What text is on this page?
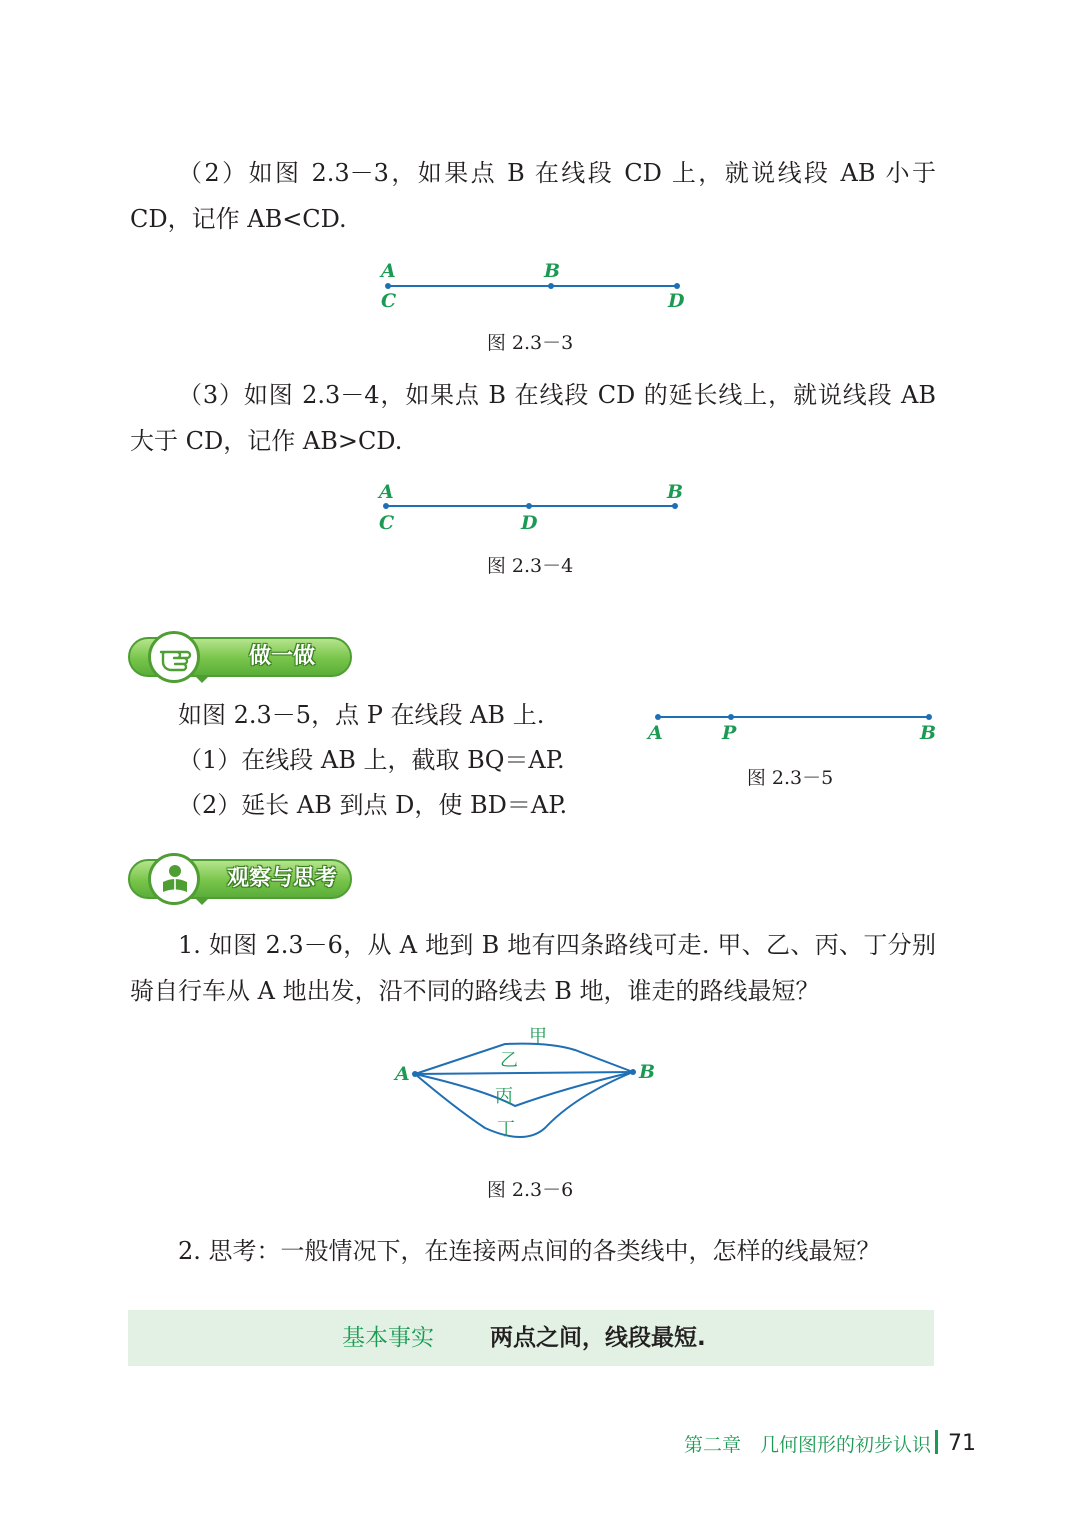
（2）如图 2.3－3，如果点 B 在线段 CD 上，就说线段 AB 小于 CD，记作 AB<CD.

A	B
C	D
图 2.3－3

（3）如图 2.3－4，如果点 B 在线段 CD 的延长线上，就说线段 AB 大于 CD，记作 AB>CD.

A	B
C	D
图 2.3－4
做一做
如图 2.3－5，点 P 在线段 AB 上.
（1）在线段 AB 上，截取 BQ＝AP.
（2）延长 AB 到点 D，使 BD＝AP.
A	P	B
图 2.3－5
观察与思考

1. 如图 2.3－6，从 A 地到 B 地有四条路线可走. 甲、乙、丙、丁分别骑自行车从 A 地出发，沿不同的路线去 B 地，谁走的路线最短？

A	B
甲
乙
丙
丁
图 2.3－6

2. 思考：一般情况下，在连接两点间的各类线中，怎样的线最短？

基本事实 两点之间，线段最短.
第二章　几何图形的初步认识 71
